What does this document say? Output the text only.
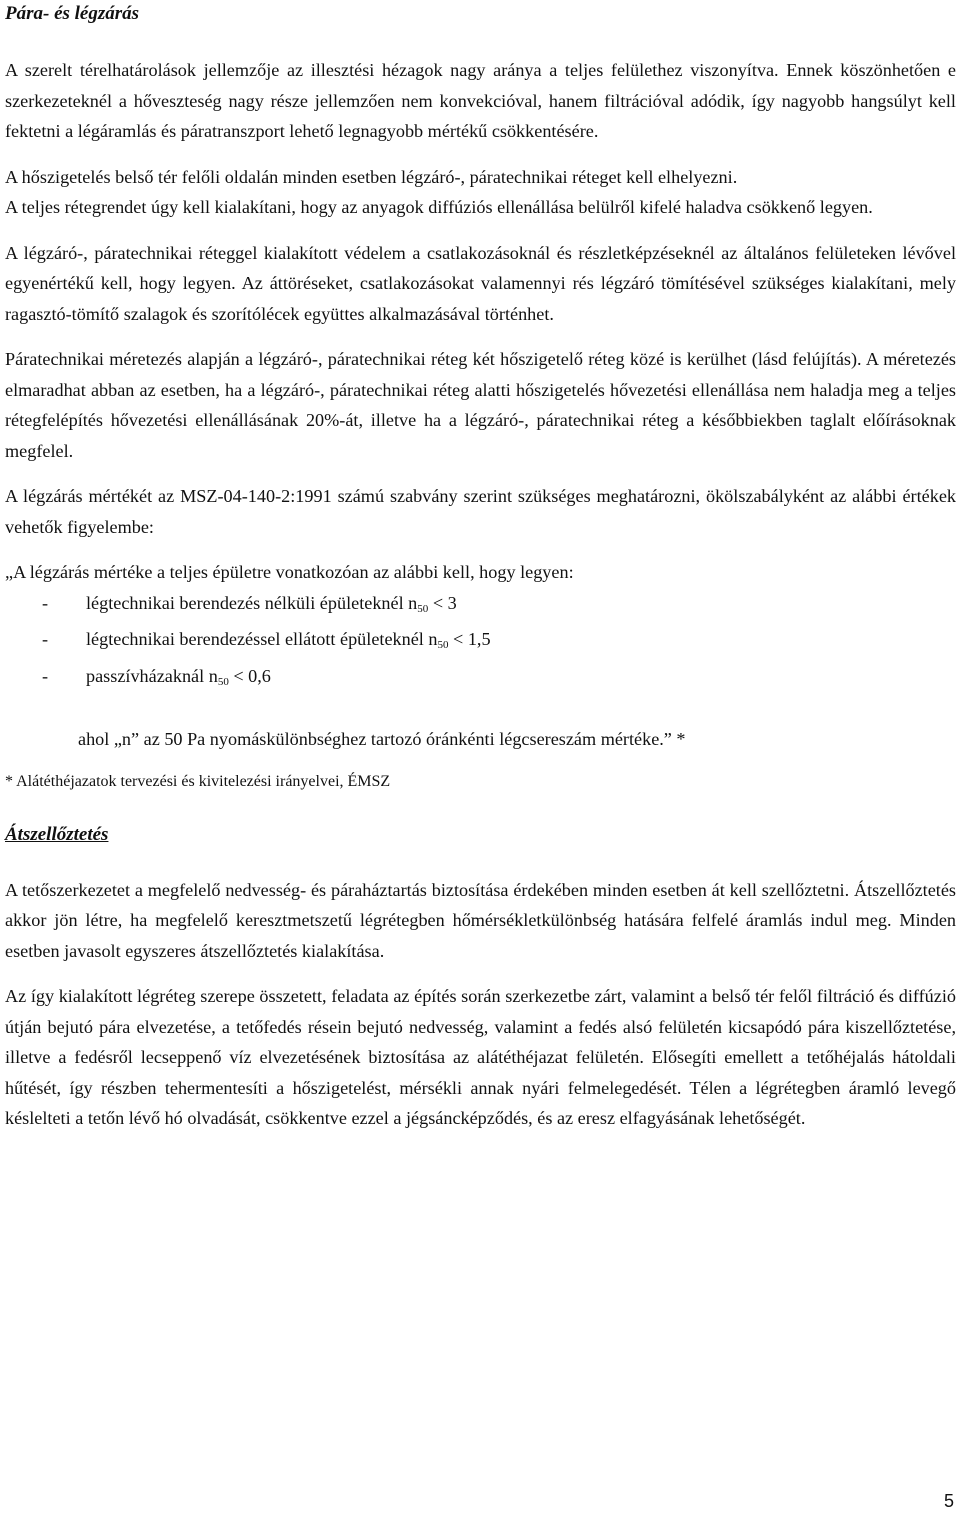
Pára- és légzárás

A szerelt térelhatárolások jellemzője az illesztési hézagok nagy aránya a teljes felülethez viszonyítva. Ennek köszönhetően e szerkezeteknél a hőveszteség nagy része jellemzően nem konvekcióval, hanem filtrációval adódik, így nagyobb hangsúlyt kell fektetni a légáramlás és páratranszport lehető legnagyobb mértékű csökkentésére.

A hőszigetelés belső tér felőli oldalán minden esetben légzáró-, páratechnikai réteget kell elhelyezni.

A teljes rétegrendet úgy kell kialakítani, hogy az anyagok diffúziós ellenállása belülről kifelé haladva csökkenő legyen.

A légzáró-, páratechnikai réteggel kialakított védelem a csatlakozásoknál és részletképzéseknél az általános felületeken lévővel egyenértékű kell, hogy legyen. Az áttöréseket, csatlakozásokat valamennyi rés légzáró tömítésével szükséges kialakítani, mely ragasztó-tömítő szalagok és szorítólécek együttes alkalmazásával történhet.

Páratechnikai méretezés alapján a légzáró-, páratechnikai réteg két hőszigetelő réteg közé is kerülhet (lásd felújítás). A méretezés elmaradhat abban az esetben, ha a légzáró-, páratechnikai réteg alatti hőszigetelés hővezetési ellenállása nem haladja meg a teljes rétegfelépítés hővezetési ellenállásának 20%-át, illetve ha a légzáró-, páratechnikai réteg a későbbiekben taglalt előírásoknak megfelel.

A légzárás mértékét az MSZ-04-140-2:1991 számú szabvány szerint szükséges meghatározni, ökölszabályként az alábbi értékek vehetők figyelembe:

„A légzárás mértéke a teljes épületre vonatkozóan az alábbi kell, hogy legyen:

-	légtechnikai berendezés nélküli épületeknél $n_{50} < 3$
-	légtechnikai berendezéssel ellátott épületeknél $n_{50} < 1,5$
-	passzívházaknál $n_{50} < 0,6$

ahol „n” az 50 Pa nyomáskülönbséghez tartozó óránkénti légcsereszám mértéke.” *

* Alátéthéjazatok tervezési és kivitelezési irányelvei, ÉMSZ

Átszellőztetés

A tetőszerkezetet a megfelelő nedvesség- és páraháztartás biztosítása érdekében minden esetben át kell szellőztetni. Átszellőztetés akkor jön létre, ha megfelelő keresztmetszetű légrétegben hőmérsékletkülönbség hatására felfelé áramlás indul meg. Minden esetben javasolt egyszeres átszellőztetés kialakítása.

Az így kialakított légréteg szerepe összetett, feladata az építés során szerkezetbe zárt, valamint a belső tér felől filtráció és diffúzió útján bejutó pára elvezetése, a tetőfedés résein bejutó nedvesség, valamint a fedés alsó felületén kicsapódó pára kiszellőztetése, illetve a fedésről lecseppenő víz elvezetésének biztosítása az alátéthéjazat felületén. Elősegíti emellett a tetőhéjalás hátoldali hűtését, így részben tehermentesíti a hőszigetelést, mérsékli annak nyári felmelegedését. Télen a légrétegben áramló levegő késlelteti a tetőn lévő hó olvadását, csökkentve ezzel a jégsáncképződés, és az eresz elfagyásának lehetőségét.

5
